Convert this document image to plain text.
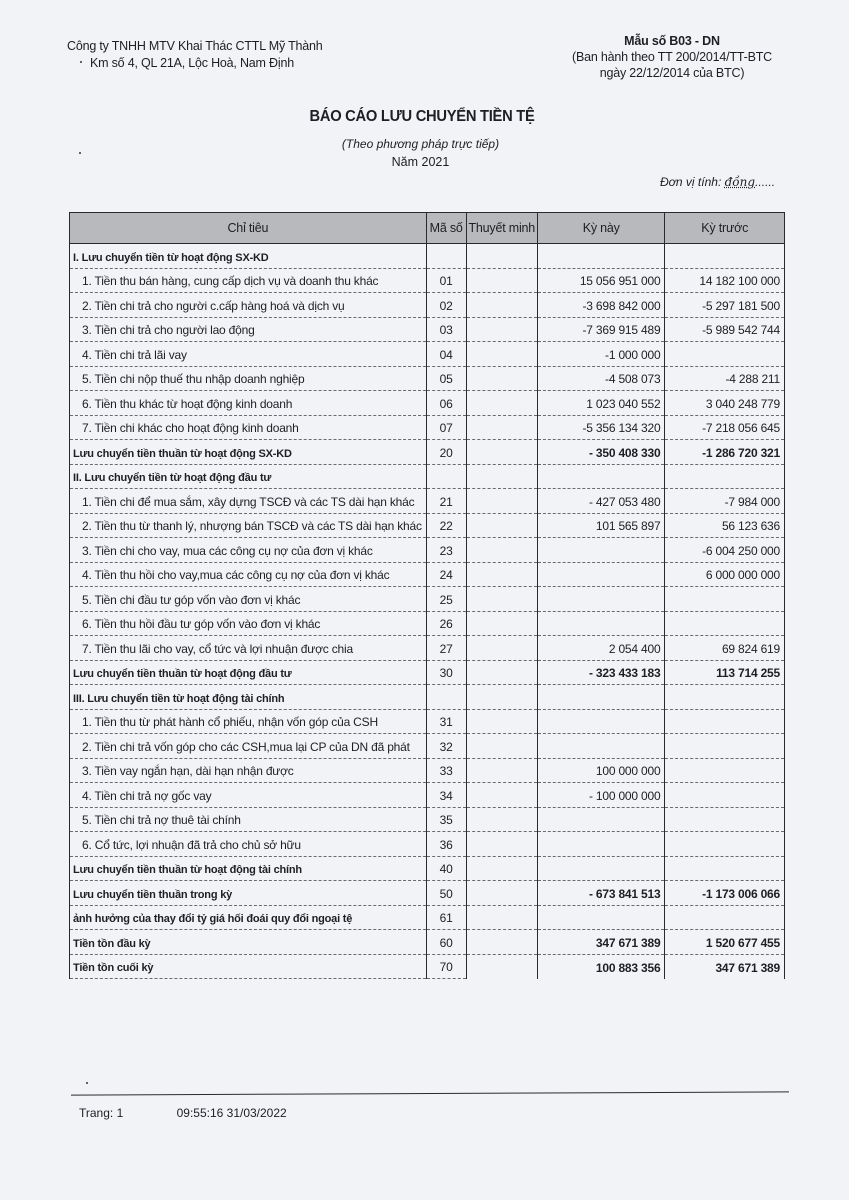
Công ty TNHH MTV Khai Thác CTTL Mỹ Thành
Km số 4, QL 21A, Lộc Hoà, Nam Định
Mẫu số B03 - DN
(Ban hành theo TT 200/2014/TT-BTC
ngày 22/12/2014 của BTC)
BÁO CÁO LƯU CHUYỂN TIỀN TỆ
(Theo phương pháp trực tiếp)
Năm 2021
Đơn vị tính: đồng......
Chỉ tiêu	Mã số	Thuyết minh	Kỳ này	Kỳ trước
I. Lưu chuyển tiền từ hoạt động SX-KD				
1. Tiền thu bán hàng, cung cấp dịch vụ và doanh thu khác	01		15 056 951 000	14 182 100 000
2. Tiền chi trả cho người c.cấp hàng hoá và dịch vụ	02		-3 698 842 000	-5 297 181 500
3. Tiền chi trả cho người lao động	03		-7 369 915 489	-5 989 542 744
4. Tiền chi trả lãi vay	04		-1 000 000	
5. Tiền chi nộp thuế thu nhập doanh nghiệp	05		-4 508 073	-4 288 211
6. Tiền thu khác từ hoạt động kinh doanh	06		1 023 040 552	3 040 248 779
7. Tiền chi khác cho hoạt động kinh doanh	07		-5 356 134 320	-7 218 056 645
Lưu chuyển tiền thuần từ hoạt động SX-KD	20		- 350 408 330	-1 286 720 321
II. Lưu chuyển tiền từ hoạt động đầu tư				
1. Tiền chi để mua sắm, xây dựng TSCĐ và các TS dài hạn khác	21		- 427 053 480	-7 984 000
2. Tiền thu từ thanh lý, nhượng bán TSCĐ và các TS dài hạn khác	22		101 565 897	56 123 636
3. Tiền chi cho vay, mua các công cụ nợ của đơn vị khác	23			-6 004 250 000
4. Tiền thu hồi cho vay,mua các công cụ nợ của đơn vị khác	24			6 000 000 000
5. Tiền chi đầu tư góp vốn vào đơn vị khác	25			
6. Tiền thu hồi đầu tư góp vốn vào đơn vị khác	26			
7. Tiền thu lãi cho vay, cổ tức và lợi nhuận được chia	27		2 054 400	69 824 619
Lưu chuyển tiền thuần từ hoạt động đầu tư	30		- 323 433 183	113 714 255
III. Lưu chuyển tiền từ hoạt động tài chính				
1. Tiền thu từ phát hành cổ phiếu, nhận vốn góp của CSH	31			
2. Tiền chi trả vốn góp cho các CSH,mua lại CP của DN đã phát	32			
3. Tiền vay ngắn hạn, dài hạn nhận được	33		100 000 000	
4. Tiền chi trả nợ gốc vay	34		- 100 000 000	
5. Tiền chi trả nợ thuê tài chính	35			
6. Cổ tức, lợi nhuận đã trả cho chủ sở hữu	36			
Lưu chuyển tiền thuần từ hoạt động tài chính	40			
Lưu chuyển tiền thuần trong kỳ	50		- 673 841 513	-1 173 006 066
ảnh hưởng của thay đổi tỷ giá hối đoái quy đổi ngoại tệ	61			
Tiền tồn đầu kỳ	60		347 671 389	1 520 677 455
Tiền tồn cuối kỳ	70		100 883 356	347 671 389
Trang: 1	09:55:16 31/03/2022
